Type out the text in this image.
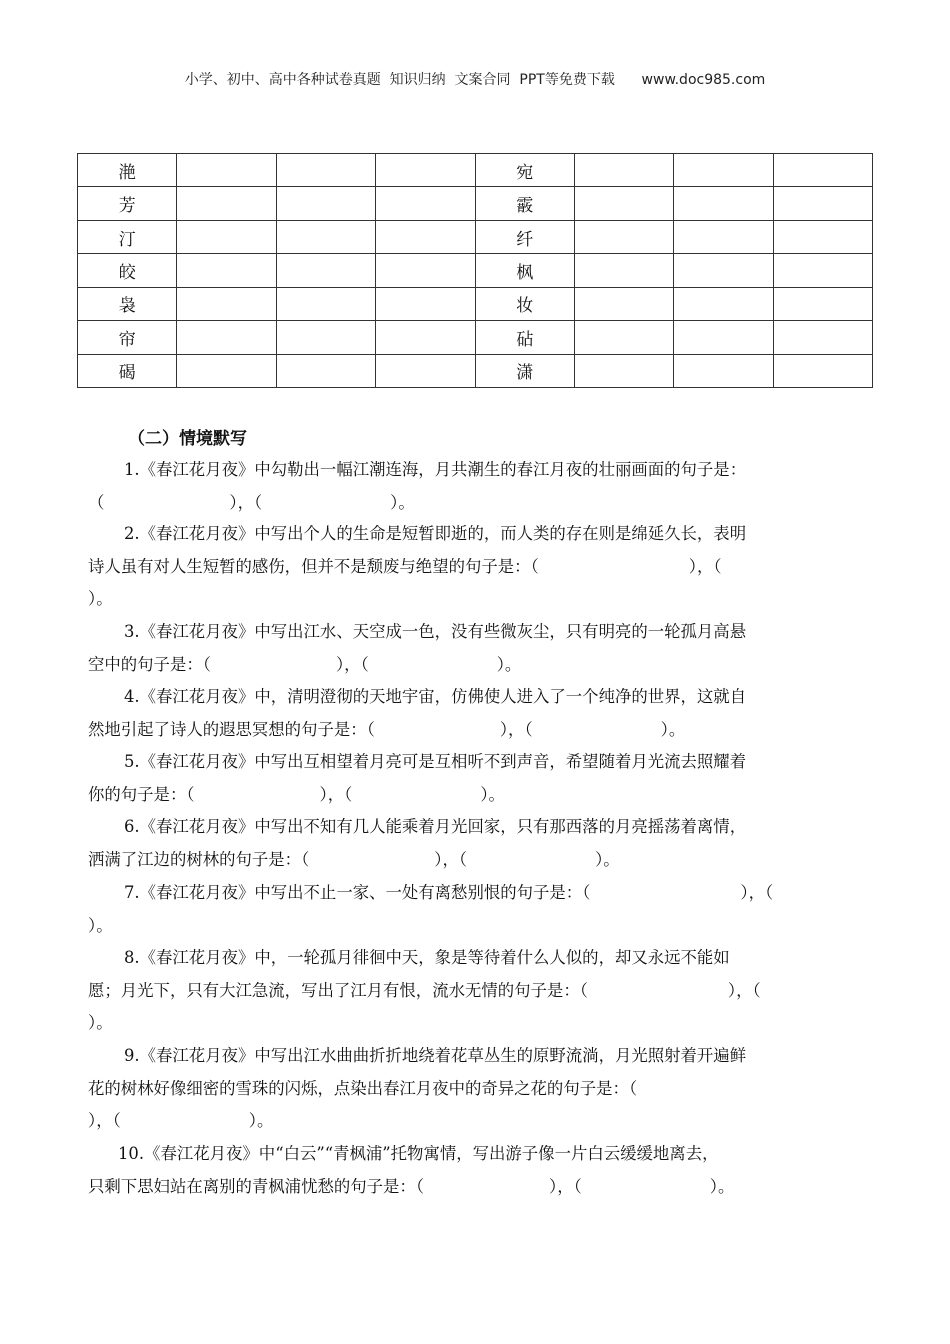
小学、初中、高中各种试卷真题  知识归纳  文案合同  PPT等免费下载      www.doc985.com
滟				宛			
芳				霰			
汀				纤			
皎				枫			
袅				妆			
帘				砧			
碣				潇			
（二）情境默写
1.《春江花月夜》中勾勒出一幅江潮连海，月共潮生的春江月夜的壮丽画面的句子是：
（	），（	）。
2.《春江花月夜》中写出个人的生命是短暂即逝的，而人类的存在则是绵延久长，表明
诗人虽有对人生短暂的感伤，但并不是颓废与绝望的句子是：（	），（
）。
3.《春江花月夜》中写出江水、天空成一色，没有些微灰尘，只有明亮的一轮孤月高悬
空中的句子是：（	），（	）。
4.《春江花月夜》中，清明澄彻的天地宇宙，仿佛使人进入了一个纯净的世界，这就自
然地引起了诗人的遐思冥想的句子是：（	），（	）。
5.《春江花月夜》中写出互相望着月亮可是互相听不到声音，希望随着月光流去照耀着
你的句子是：（	），（	）。
6.《春江花月夜》中写出不知有几人能乘着月光回家，只有那西落的月亮摇荡着离情，
洒满了江边的树林的句子是：（	），（	）。
7.《春江花月夜》中写出不止一家、一处有离愁别恨的句子是：（	），（
）。
8.《春江花月夜》中，一轮孤月徘徊中天，象是等待着什么人似的，却又永远不能如
愿；月光下，只有大江急流，写出了江月有恨，流水无情的句子是：（	），（
）。
9.《春江花月夜》中写出江水曲曲折折地绕着花草丛生的原野流淌，月光照射着开遍鲜
花的树林好像细密的雪珠的闪烁，点染出春江月夜中的奇异之花的句子是：（
），（	）。
10.《春江花月夜》中“白云”“青枫浦”托物寓情，写出游子像一片白云缓缓地离去，
只剩下思妇站在离别的青枫浦忧愁的句子是：（	），（	）。
